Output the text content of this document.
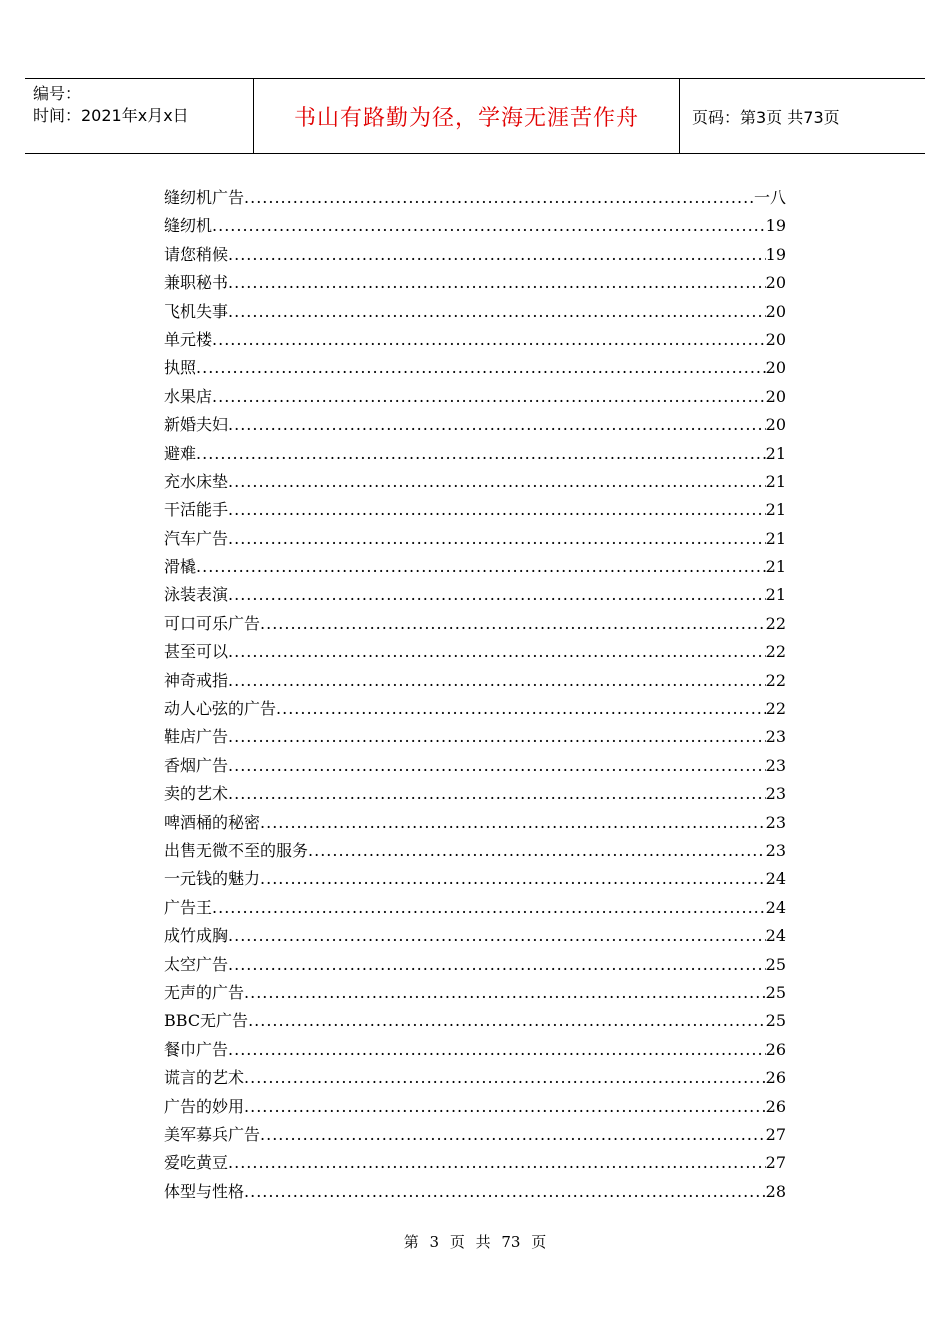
编号：
时间：2021年x月x日	书山有路勤为径，学海无涯苦作舟	页码：第3页 共73页
缝纫机广告 .....	一八
缝纫机 .....	19
请您稍候 .....	19
兼职秘书 .....	20
飞机失事 .....	20
单元楼 .....	20
执照 .....	20
水果店 .....	20
新婚夫妇 .....	20
避难 .....	21
充水床垫 .....	21
干活能手 .....	21
汽车广告 .....	21
滑橇 .....	21
泳装表演 .....	21
可口可乐广告 .....	22
甚至可以 .....	22
神奇戒指 .....	22
动人心弦的广告 .....	22
鞋店广告 .....	23
香烟广告 .....	23
卖的艺术 .....	23
啤酒桶的秘密 .....	23
出售无微不至的服务 .....	23
一元钱的魅力 .....	24
广告王 .....	24
成竹成胸 .....	24
太空广告 .....	25
无声的广告 .....	25
BBC无广告 .....	25
餐巾广告 .....	26
谎言的艺术 .....	26
广告的妙用 .....	26
美军募兵广告 .....	27
爱吃黄豆 .....	27
体型与性格 .....	28
第 3 页 共 73 页
